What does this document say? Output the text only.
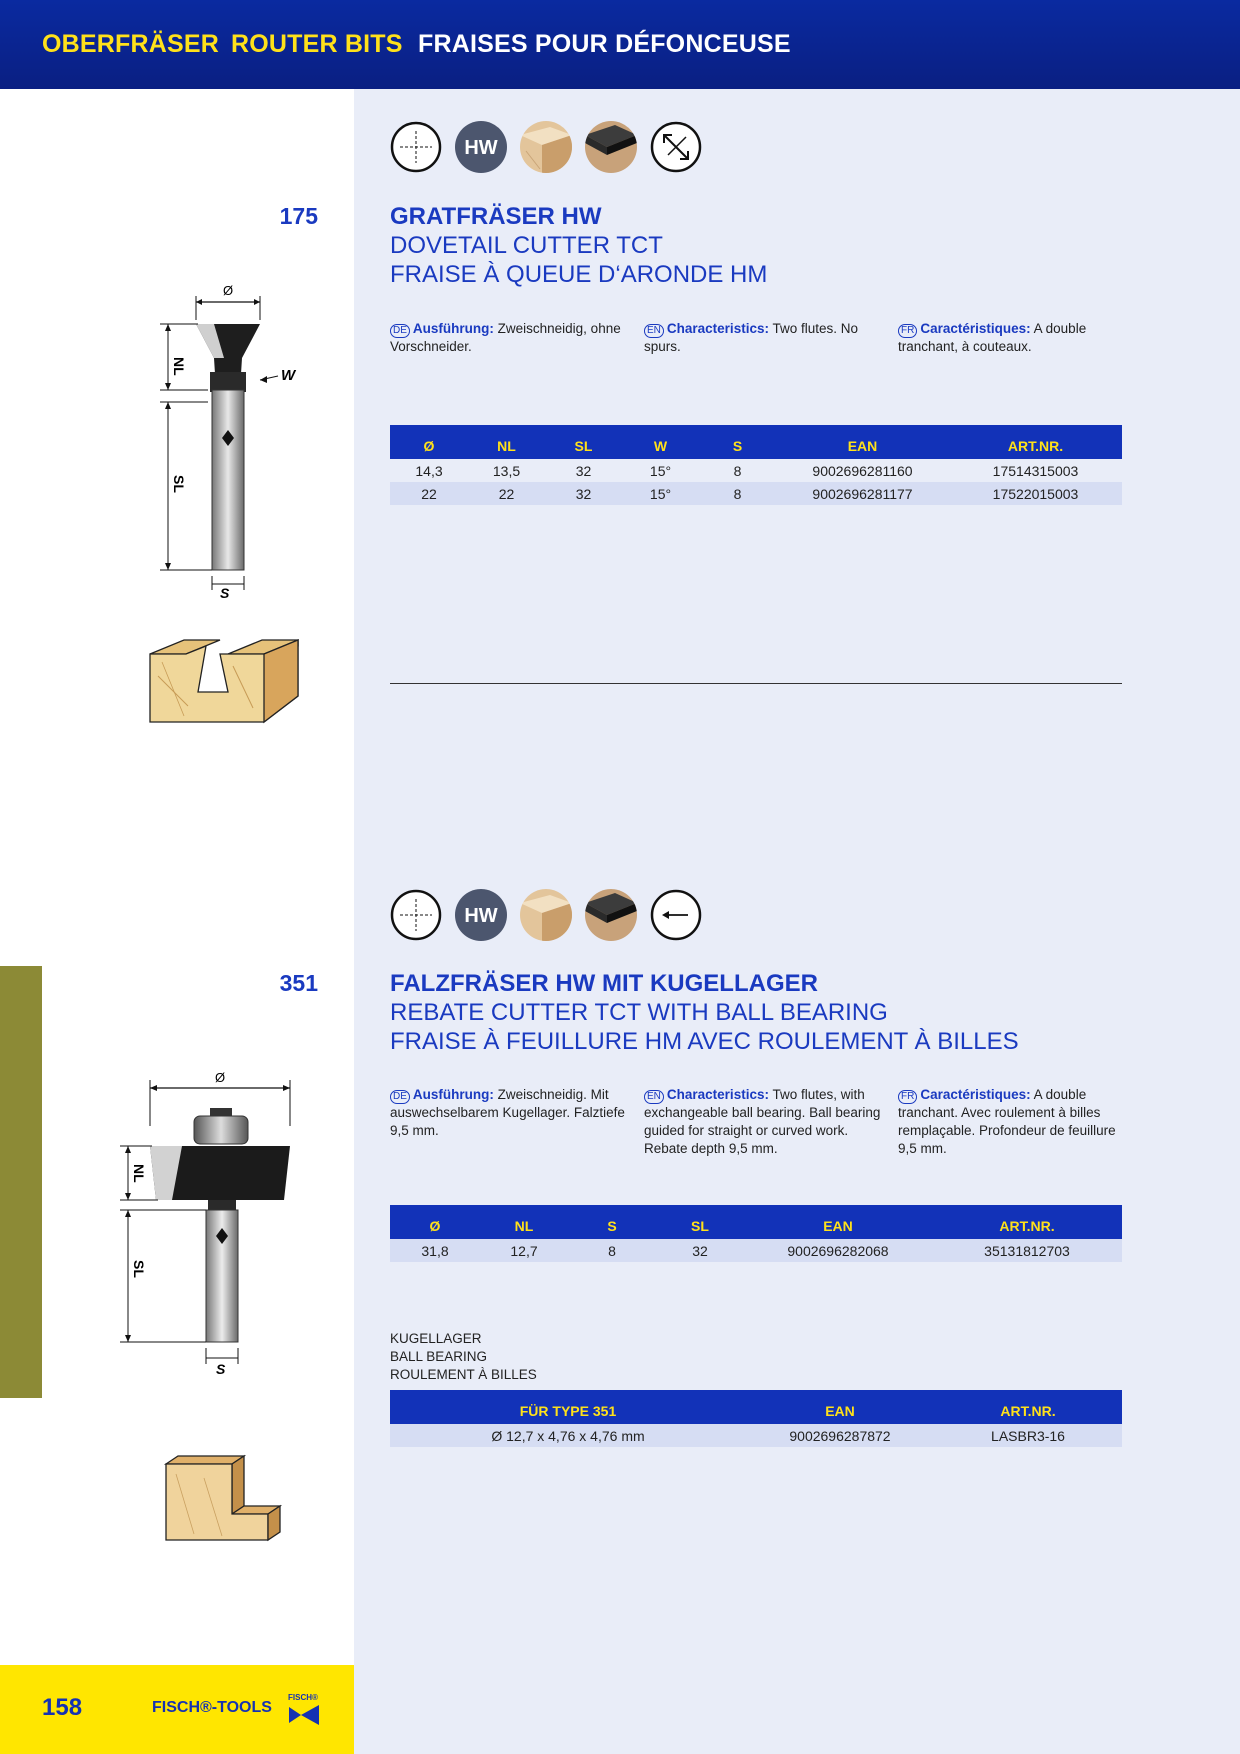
OBERFRÄSER ROUTER BITS FRAISES POUR DÉFONCEUSE
HW
175	GRATFRÄSER HW
DOVETAIL CUTTER TCT
FRAISE À QUEUE D‘ARONDE HM
Ø
NL
SL
W
S
DE Ausführung: Zweischneidig, ohne Vorschneider.
EN Characteristics: Two flutes. No spurs.
FR Caractéristiques: A double tranchant, à couteaux.
Ø	NL	SL	W	S	EAN	ART.NR.
14,3	13,5	32	15°	8	9002696281160	17514315003
22	22	32	15°	8	9002696281177	17522015003
HW
351	FALZFRÄSER HW MIT KUGELLAGER
REBATE CUTTER TCT WITH BALL BEARING
FRAISE À FEUILLURE HM AVEC ROULEMENT À BILLES
Ø
NL
SL
S
DE Ausführung: Zweischneidig. Mit auswechselbarem Kugellager. Falztiefe 9,5 mm.
EN Characteristics: Two flutes, with exchangeable ball bearing. Ball bearing guided for straight or curved work. Rebate depth 9,5 mm.
FR Caractéristiques: A double tranchant. Avec roulement à billes remplaçable. Profondeur de feuillure 9,5 mm.
Ø	NL	S	SL	EAN	ART.NR.
31,8	12,7	8	32	9002696282068	35131812703
KUGELLAGER
BALL BEARING
ROULEMENT À BILLES
FÜR TYPE 351	EAN	ART.NR.
Ø 12,7 x 4,76 x 4,76 mm	9002696287872	LASBR3-16
158	FISCH®-TOOLS
FISCH®
